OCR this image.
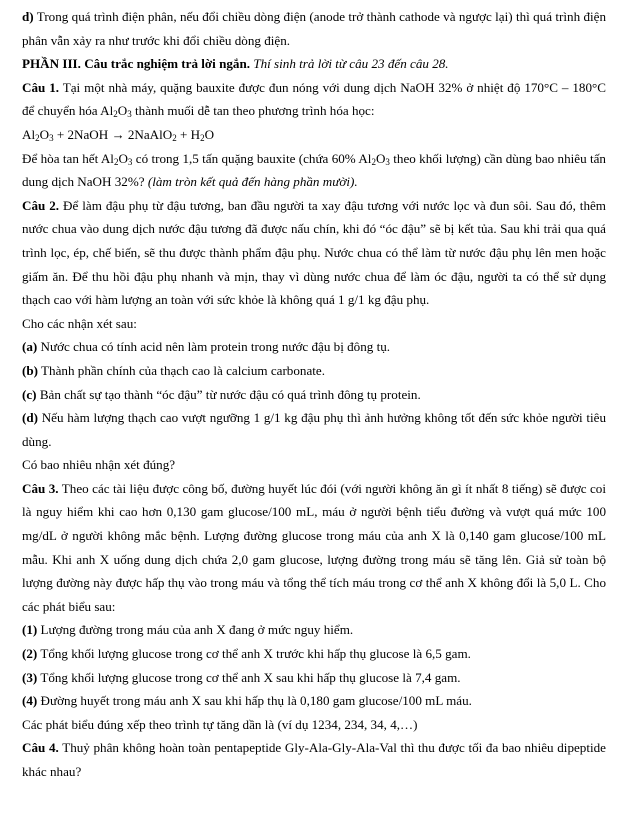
d) Trong quá trình điện phân, nếu đổi chiều dòng điện (anode trở thành cathode và ngược lại) thì quá trình điện phân vẫn xảy ra như trước khi đổi chiều dòng điện.

PHẦN III. Câu trắc nghiệm trả lời ngắn. Thí sinh trả lời từ câu 23 đến câu 28.

Câu 1. Tại một nhà máy, quặng bauxite được đun nóng với dung dịch NaOH 32% ở nhiệt độ 170°C – 180°C để chuyển hóa $Al_2O_3$ thành muối dễ tan theo phương trình hóa học:

$Al_2O_3$ + 2NaOH → 2NaAlO$_2$ + $H_2O$

Để hòa tan hết $Al_2O_3$ có trong 1,5 tấn quặng bauxite (chứa 60% $Al_2O_3$ theo khối lượng) cần dùng bao nhiêu tấn dung dịch NaOH 32%? (làm tròn kết quả đến hàng phần mười).

Câu 2. Để làm đậu phụ từ đậu tương, ban đầu người ta xay đậu tương với nước lọc và đun sôi. Sau đó, thêm nước chua vào dung dịch nước đậu tương đã được nấu chín, khi đó “óc đậu” sẽ bị kết tủa. Sau khi trải qua quá trình lọc, ép, chế biến, sẽ thu được thành phẩm đậu phụ. Nước chua có thể làm từ nước đậu phụ lên men hoặc giấm ăn. Để thu hồi đậu phụ nhanh và mịn, thay vì dùng nước chua để làm óc đậu, người ta có thể sử dụng thạch cao với hàm lượng an toàn với sức khỏe là không quá 1 g/1 kg đậu phụ.

Cho các nhận xét sau:

(a) Nước chua có tính acid nên làm protein trong nước đậu bị đông tụ.

(b) Thành phần chính của thạch cao là calcium carbonate.

(c) Bản chất sự tạo thành “óc đậu” từ nước đậu có quá trình đông tụ protein.

(d) Nếu hàm lượng thạch cao vượt ngưỡng 1 g/1 kg đậu phụ thì ảnh hưởng không tốt đến sức khỏe người tiêu dùng.

Có bao nhiêu nhận xét đúng?

Câu 3. Theo các tài liệu được công bố, đường huyết lúc đói (với người không ăn gì ít nhất 8 tiếng) sẽ được coi là nguy hiểm khi cao hơn 0,130 gam glucose/100 mL, máu ở người bệnh tiểu đường và vượt quá mức 100 mg/dL ở người không mắc bệnh. Lượng đường glucose trong máu của anh X là 0,140 gam glucose/100 mL mẫu. Khi anh X uống dung dịch chứa 2,0 gam glucose, lượng đường trong máu sẽ tăng lên. Giả sử toàn bộ lượng đường này được hấp thụ vào trong máu và tổng thể tích máu trong cơ thể anh X không đổi là 5,0 L. Cho các phát biểu sau:

(1) Lượng đường trong máu của anh X đang ở mức nguy hiểm.

(2) Tổng khối lượng glucose trong cơ thể anh X trước khi hấp thụ glucose là 6,5 gam.

(3) Tổng khối lượng glucose trong cơ thể anh X sau khi hấp thụ glucose là 7,4 gam.

(4) Đường huyết trong máu anh X sau khi hấp thụ là 0,180 gam glucose/100 mL máu.

Các phát biểu đúng xếp theo trình tự tăng dần là (ví dụ 1234, 234, 34, 4,…)

Câu 4. Thuỷ phân không hoàn toàn pentapeptide Gly-Ala-Gly-Ala-Val thì thu được tối đa bao nhiêu dipeptide khác nhau?
